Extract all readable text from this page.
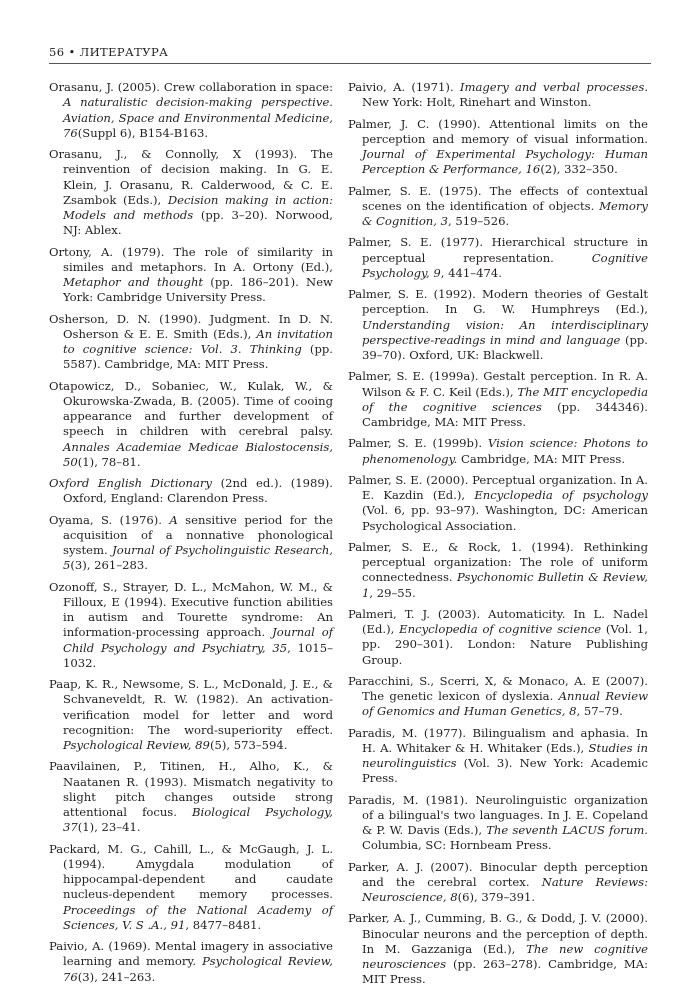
56 • ЛИТЕРАТУРА
Orasanu, J. (2005). Crew collaboration in space: A naturalistic decision-making perspective. Aviation, Space and Environmental Medicine, 76(Suppl 6), B154-B163.
Orasanu, J., & Connolly, X (1993). The reinvention of decision making. In G. E. Klein, J. Orasanu, R. Calderwood, & C. E. Zsambok (Eds.), Decision making in action: Models and methods (pp. 3–20). Norwood, NJ: Ablex.
Ortony, A. (1979). The role of similarity in similes and metaphors. In A. Ortony (Ed.), Metaphor and thought (pp. 186–201). New York: Cambridge University Press.
Osherson, D. N. (1990). Judgment. In D. N. Osherson & E. E. Smith (Eds.), An invitation to cognitive science: Vol. 3. Thinking (pp. 5587). Cambridge, MA: MIT Press.
Otapowicz, D., Sobaniec, W., Kulak, W., & Okurowska-Zwada, B. (2005). Time of cooing appearance and further development of speech in children with cerebral palsy. Annales Academiae Medicae Bialostocensis, 50(1), 78–81.
Oxford English Dictionary (2nd ed.). (1989). Oxford, England: Clarendon Press.
Oyama, S. (1976). A sensitive period for the acquisition of a nonnative phonological system. Journal of Psycholinguistic Research, 5(3), 261–283.
Ozonoff, S., Strayer, D. L., McMahon, W. M., & Filloux, E (1994). Executive function abilities in autism and Tourette syndrome: An information-processing approach. Journal of Child Psychology and Psychiatry, 35, 1015–1032.
Paap, K. R., Newsome, S. L., McDonald, J. E., & Schvaneveldt, R. W. (1982). An activation-verification model for letter and word recognition: The word-superiority effect. Psychological Review, 89(5), 573–594.
Paavilainen, P., Titinen, H., Alho, K., & Naatanen R. (1993). Mismatch negativity to slight pitch changes outside strong attentional focus. Biological Psychology, 37(1), 23–41.
Packard, M. G., Cahill, L., & McGaugh, J. L. (1994). Amygdala modulation of hippocampal-dependent and caudate nucleus-dependent memory processes. Proceedings of the National Academy of Sciences, V. S .A., 91, 8477–8481.
Paivio, A. (1969). Mental imagery in associative learning and memory. Psychological Review, 76(3), 241–263.
Paivio, A. (1971). Imagery and verbal processes. New York: Holt, Rinehart and Winston.
Palmer, J. C. (1990). Attentional limits on the perception and memory of visual information. Journal of Experimental Psychology: Human Perception & Performance, 16(2), 332–350.
Palmer, S. E. (1975). The effects of contextual scenes on the identification of objects. Memory & Cognition, 3, 519–526.
Palmer, S. E. (1977). Hierarchical structure in perceptual representation. Cognitive Psychology, 9, 441–474.
Palmer, S. E. (1992). Modern theories of Gestalt perception. In G. W. Humphreys (Ed.), Understanding vision: An interdisciplinary perspective-readings in mind and language (pp. 39–70). Oxford, UK: Blackwell.
Palmer, S. E. (1999a). Gestalt perception. In R. A. Wilson & F. C. Keil (Eds.), The MIT encyclopedia of the cognitive sciences (pp. 344346). Cambridge, MA: MIT Press.
Palmer, S. E. (1999b). Vision science: Photons to phenomenology. Cambridge, MA: MIT Press.
Palmer, S. E. (2000). Perceptual organization. In A. E. Kazdin (Ed.), Encyclopedia of psychology (Vol. 6, pp. 93–97). Washington, DC: American Psychological Association.
Palmer, S. E., & Rock, 1. (1994). Rethinking perceptual organization: The role of uniform connectedness. Psychonomic Bulletin & Review, 1, 29–55.
Palmeri, T. J. (2003). Automaticity. In L. Nadel (Ed.), Encyclopedia of cognitive science (Vol. 1, pp. 290–301). London: Nature Publishing Group.
Paracchini, S., Scerri, X, & Monaco, A. E (2007). The genetic lexicon of dyslexia. Annual Review of Genomics and Human Genetics, 8, 57–79.
Paradis, M. (1977). Bilingualism and aphasia. In H. A. Whitaker & H. Whitaker (Eds.), Studies in neurolinguistics (Vol. 3). New York: Academic Press.
Paradis, M. (1981). Neurolinguistic organization of a bilingual's two languages. In J. E. Copeland & P. W. Davis (Eds.), The seventh LACUS forum. Columbia, SC: Hornbeam Press.
Parker, A. J. (2007). Binocular depth perception and the cerebral cortex. Nature Reviews: Neuroscience, 8(6), 379–391.
Parker, A. J., Cumming, B. G., & Dodd, J. V. (2000). Binocular neurons and the perception of depth. In M. Gazzaniga (Ed.), The new cognitive neurosciences (pp. 263–278). Cambridge, MA: MIT Press.
